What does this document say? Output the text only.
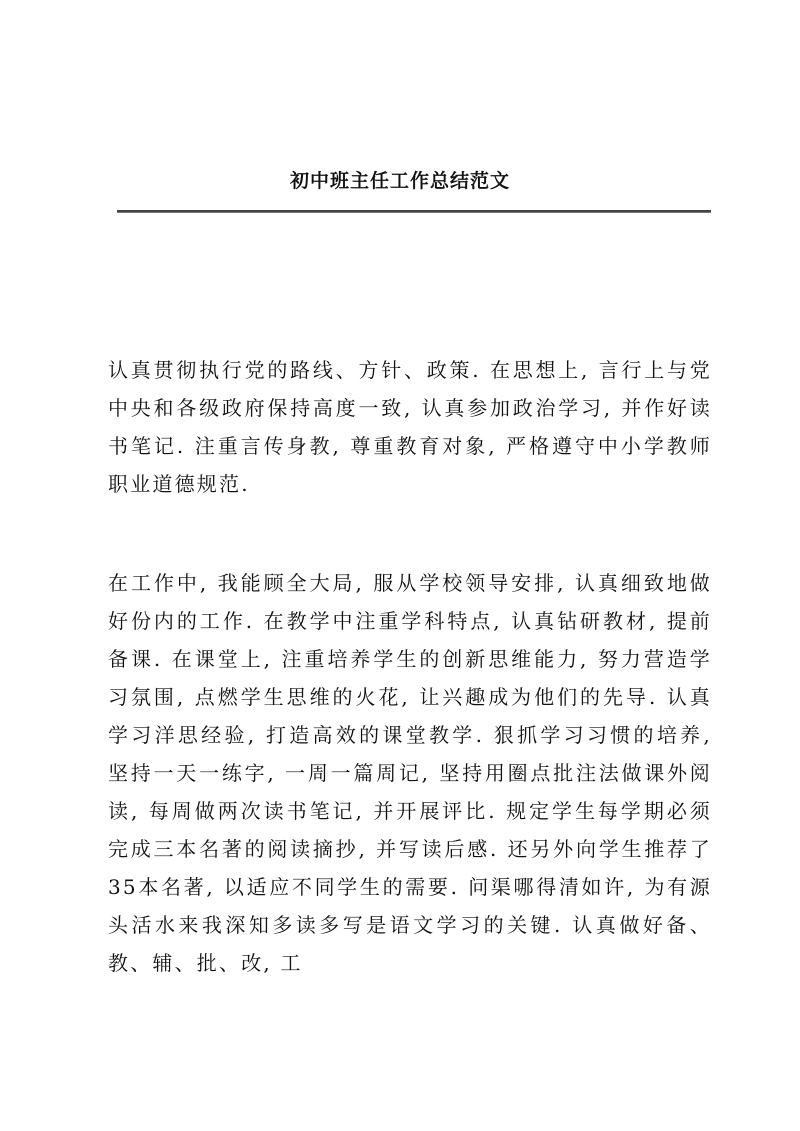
初中班主任工作总结范文

认真贯彻执行党的路线、方针、政策. 在思想上, 言行上与党中央和各级政府保持高度一致, 认真参加政治学习, 并作好读书笔记. 注重言传身教, 尊重教育对象, 严格遵守中小学教师职业道德规范.

在工作中, 我能顾全大局, 服从学校领导安排, 认真细致地做好份内的工作. 在教学中注重学科特点, 认真钻研教材, 提前备课. 在课堂上, 注重培养学生的创新思维能力, 努力营造学习氛围, 点燃学生思维的火花, 让兴趣成为他们的先导. 认真学习洋思经验, 打造高效的课堂教学. 狠抓学习习惯的培养, 坚持一天一练字, 一周一篇周记, 坚持用圈点批注法做课外阅读, 每周做两次读书笔记, 并开展评比. 规定学生每学期必须完成三本名著的阅读摘抄, 并写读后感. 还另外向学生推荐了35本名著, 以适应不同学生的需要. 问渠哪得清如许, 为有源头活水来我深知多读多写是语文学习的关键. 认真做好备、教、辅、批、改, 工
